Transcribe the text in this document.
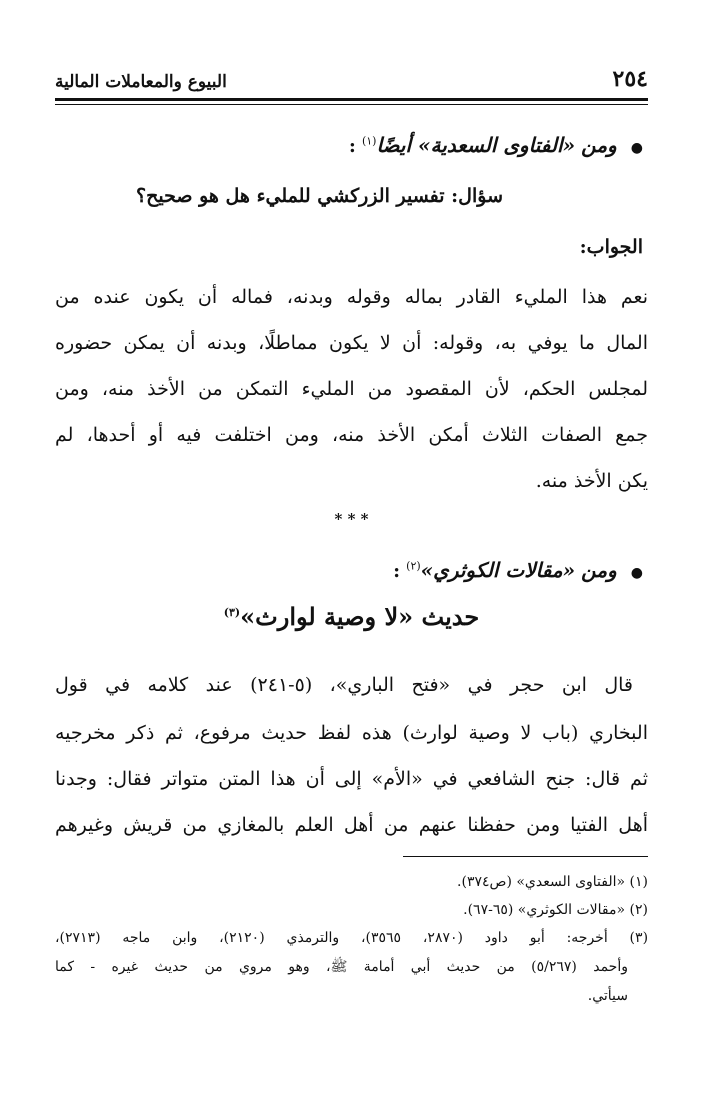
٢٥٤
البيوع والمعاملات المالية
● ومن «الفتاوى السعدية» أيضًا$^{(١)}$ :
سؤال: تفسير الزركشي للمليء هل هو صحيح؟
الجواب:
نعم هذا المليء القادر بماله وقوله وبدنه، فماله أن يكون عنده من
المال ما يوفي به، وقوله: أن لا يكون مماطلًا، وبدنه أن يمكن حضوره
لمجلس الحكم، لأن المقصود من المليء التمكن من الأخذ منه، ومن
جمع الصفات الثلاث أمكن الأخذ منه، ومن اختلفت فيه أو أحدها، لم
يكن الأخذ منه.
* * *
● ومن «مقالات الكوثري»$^{(٢)}$ :
حديث «لا وصية لوارث»$^{(٣)}$
قال ابن حجر في «فتح الباري»، (٥-٢٤١) عند كلامه في قول
البخاري (باب لا وصية لوارث) هذه لفظ حديث مرفوع، ثم ذكر مخرجيه
ثم قال: جنح الشافعي في «الأم» إلى أن هذا المتن متواتر فقال: وجدنا
أهل الفتيا ومن حفظنا عنهم من أهل العلم بالمغازي من قريش وغيرهم
(١) «الفتاوى السعدي» (ص٣٧٤).
(٢) «مقالات الكوثري» (٦٥-٦٧).
(٣) أخرجه: أبو داود (٢٨٧٠، ٣٥٦٥)، والترمذي (٢١٢٠)، وابن ماجه (٢٧١٣)،
وأحمد (٥/٢٦٧) من حديث أبي أمامة ﷺ، وهو مروي من حديث غيره - كما
سيأتي.
